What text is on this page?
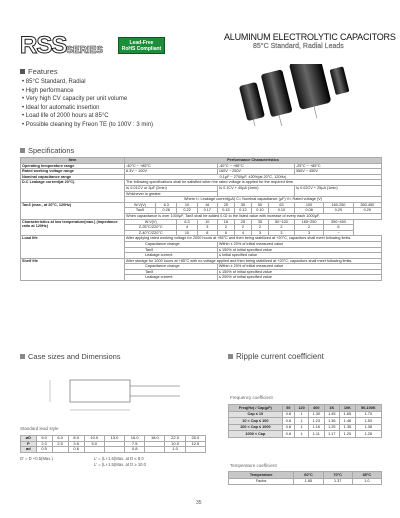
RSSSERIES
Lead-Free
RoHS Compliant
ALUMINUM ELECTROLYTIC CAPACITORS
85°C Standard, Radial Leads
Features
• 85°C Standard, Radial
• High performance
• Very high CV capacity per unit volume
• Ideal for automatic insertion
• Load life of 2000 hours at 85°C
• Possible cleaning by Freon TE (to 100V : 3 min)
Specifications
Item	Performance Characteristics										
Operating temperature range	-40°C ~ +85°C				-40°C ~ +85°C				-25°C ~ +85°C		
Rated working voltage range	6.3V ~ 100V				160V ~ 250V				350V ~ 450V		
Nominal capacitance range	0.1μF ~ 2700μF, ±20%(at 20°C, 120Hz)										
D.C Leakage current(at 20°C)	The following specifications shall be satisfied when the rated voltage is applied for the required time.										
	I≤ 0.01CV or 3μF (2min)				I≤ 0.1CV + 40μA (1min)				I≤ 0.02CV + 25μA (1min)		
	Whichever is greater										
	Where I= Leakage current(μA) C= Nominal capacitance (μF) V= Rated voltage (V)										
Tanδ (max., at 20°C, 120Hz)	W.V(V)	6.3	10	16	25	35	50	63	100	160-250	350-450
	Tanδ	0.28	0.22	0.17	0.15	0.12	0.10	0.10	0.08	0.20	0.20
	When capacitance is over 1000μF, Tanδ shall be added 0.02 to the listed value with increase of every each 1000μF.										
Characteristics at low temperature(max.) (impedance ratio at 120Hz)	W.V(V)		6.3	10	16	25	35	50~100	160~250	350~450	
	Z-25°C/Z20°C		4	3	2	2	2	2	2	6	
	Z-40°C/Z20°C		10	8	6	4	3	3	3	~	
Load life	After applying rated working voltage for 2000 hours at +85°C and then being stabilized at +20°C, capacitors shall meet following limits.										
	Capacitance change				Within ± 20% of initial measured value						
	Tanδ				≤ 150% of initial specified value						
	Leakage current				≤ Initial specified value						
Shelf life	After storage for 1000 hours at +85°C with no voltage applied and then being stabilized at +20°C, capacitors shall meet following limits.										
	Capacitance change				Within ± 20% of initial measured value						
	Tanδ				≤ 150% of initial specified value						
	Leakage current				≤ 200% of initial specified value						
Case sizes and Dimensions	Ripple current coefficient
Standard lead style
øD	5.0	6.3	8.0	10.0	13.0	16.0	18.0	22.0	25.0
P	2.0	2.5	3.5	5.0		7.5		10.0	12.5
ød	0.5		0.6			0.8		1.0	
D' = D +0.5(Max.)	L' = (L+1.5)Max. at D ≤ 8.0
L' = (L+1.5)Max. at D ≥ 10.0
Frequency coefficient
Freq(Hz) / Cap(μF)	50	120	400	1K	10K	50-100K
Cap ≤ 10	0.8	1	1.30	1.45	1.65	1.70
10 < Cap ≤ 100	0.8	1	1.23	1.36	1.48	1.53
100 < Cap ≤ 1000	0.8	1	1.16	1.25	1.35	1.38
1000 < Cap	0.8	1	1.11	1.17	1.25	1.28
Temperature coefficient
Temperature	60°C	70°C	85°C
Factor	1.65	1.37	1.0
35
